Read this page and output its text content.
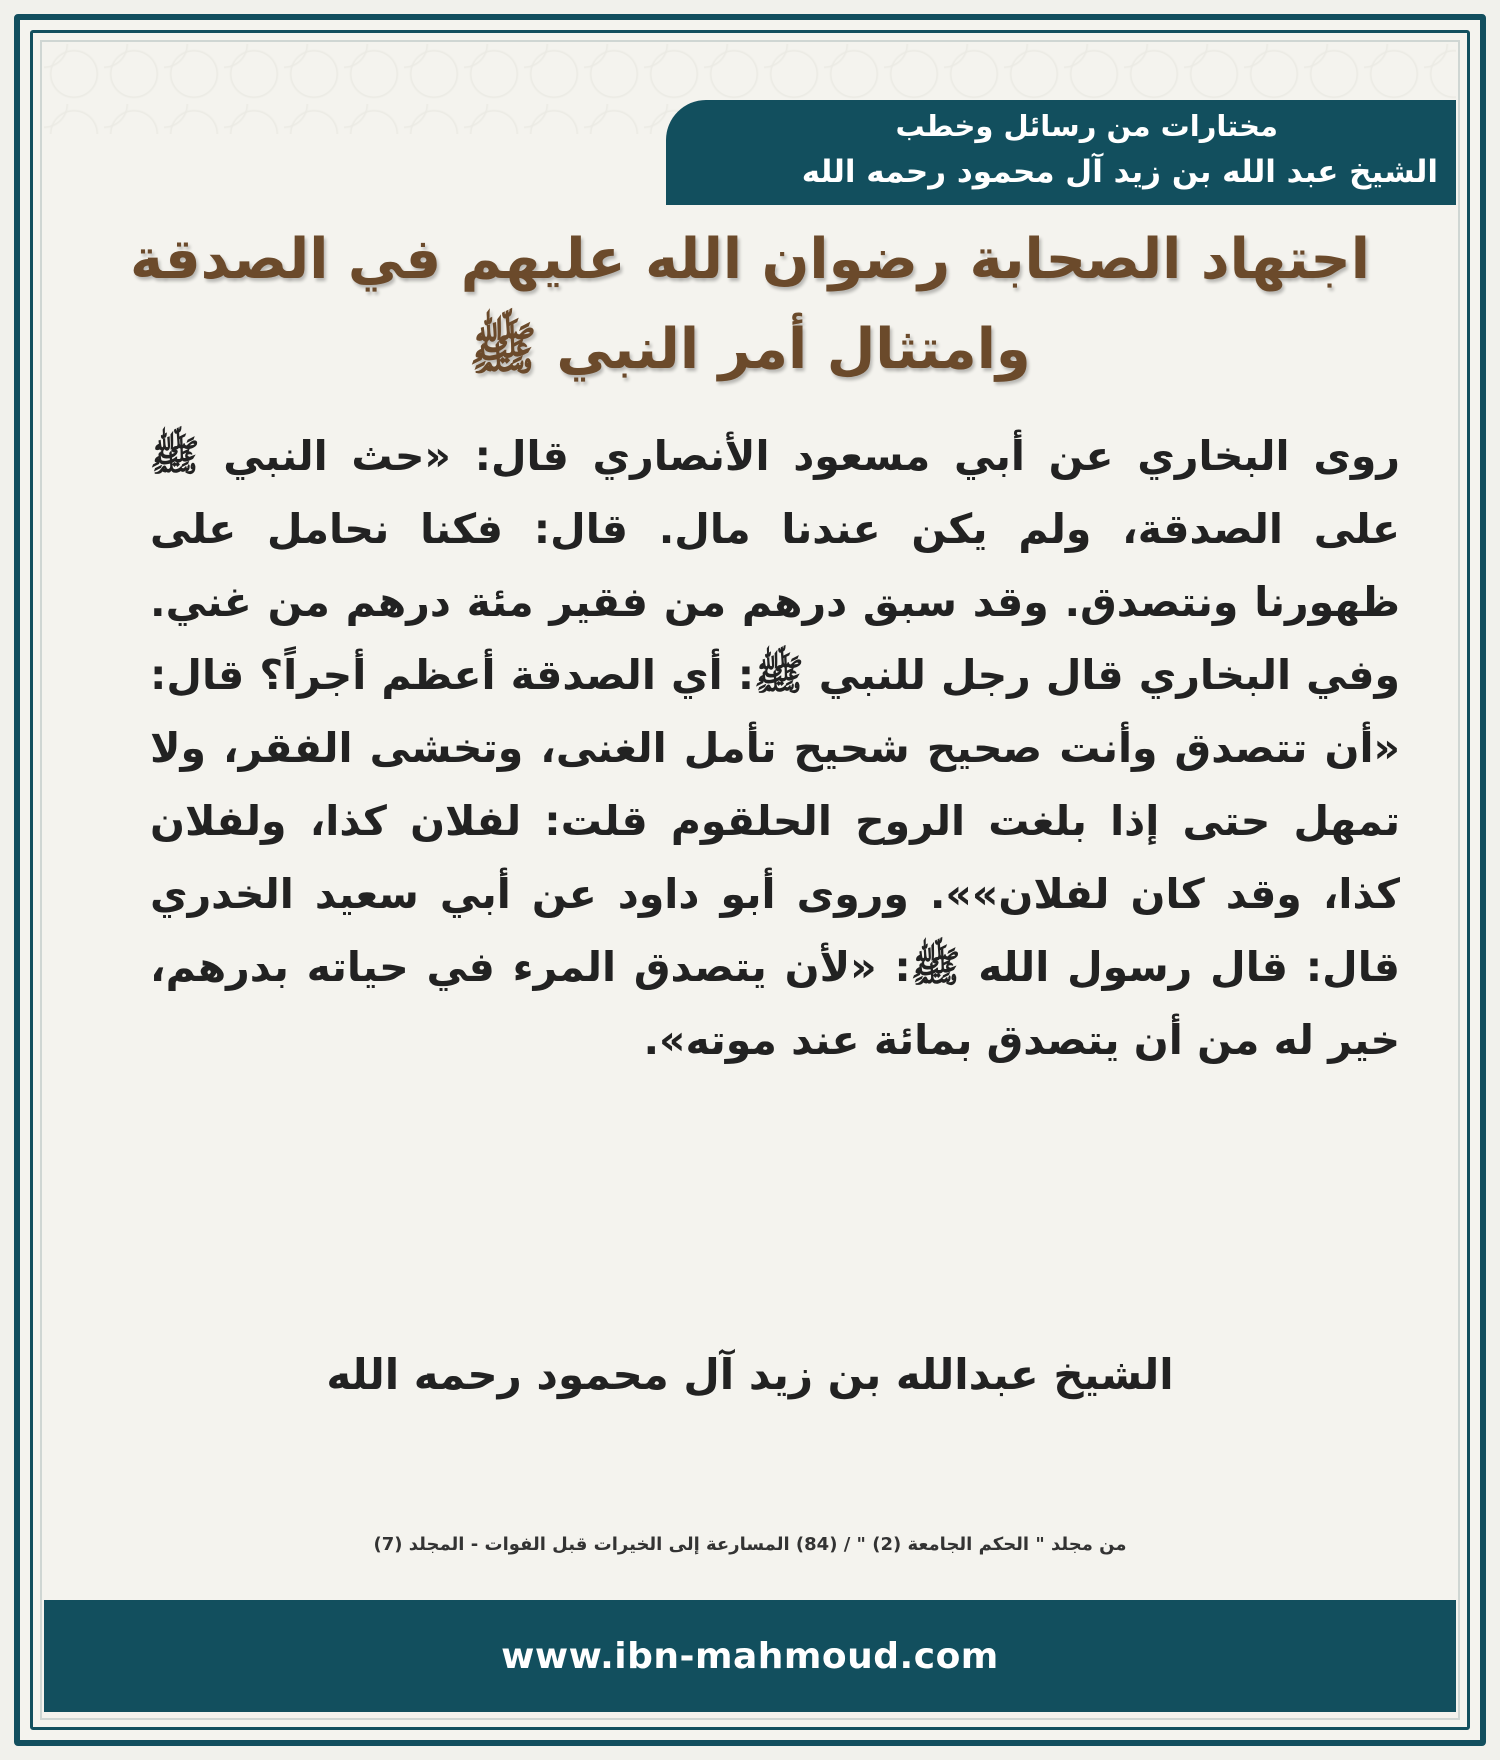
مختارات من رسائل وخطب
الشيخ عبد الله بن زيد آل محمود رحمه الله
اجتهاد الصحابة رضوان الله عليهم في الصدقة
وامتثال أمر النبي ﷺ
روى البخاري عن أبي مسعود الأنصاري قال: «حث النبي ﷺ على الصدقة، ولم يكن عندنا مال. قال: فكنا نحامل على ظهورنا ونتصدق. وقد سبق درهم من فقير مئة درهم من غني. وفي البخاري قال رجل للنبي ﷺ: أي الصدقة أعظم أجراً؟ قال: «أن تتصدق وأنت صحيح شحيح تأمل الغنى، وتخشى الفقر، ولا تمهل حتى إذا بلغت الروح الحلقوم قلت: لفلان كذا، ولفلان كذا، وقد كان لفلان»». وروى أبو داود عن أبي سعيد الخدري قال: قال رسول الله ﷺ: «لأن يتصدق المرء في حياته بدرهم، خير له من أن يتصدق بمائة عند موته».
الشيخ عبدالله بن زيد آل محمود رحمه الله
من مجلد " الحكم الجامعة (2) " / (84) المسارعة إلى الخيرات قبل الفوات - المجلد (7)
www.ibn-mahmoud.com
